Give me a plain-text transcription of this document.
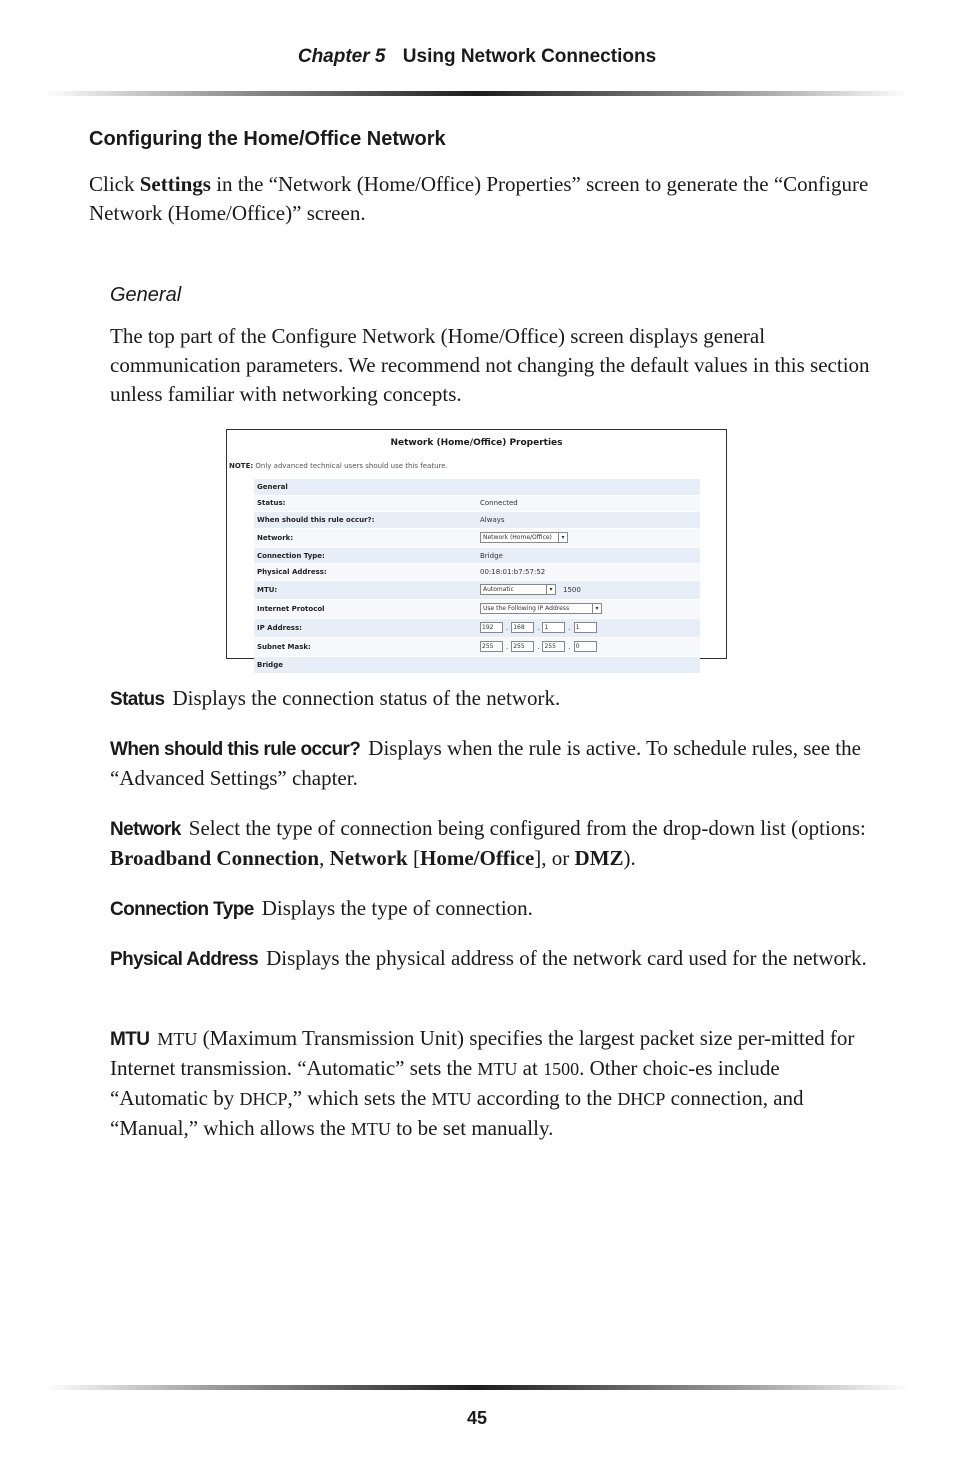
Chapter 5 Using Network Connections
Configuring the Home/Office Network

Click Settings in the “Network (Home/Office) Properties” screen to generate the “Configure Network (Home/Office)” screen.

General

The top part of the Configure Network (Home/Office) screen displays general communication parameters. We recommend not changing the default values in this section unless familiar with networking concepts.

Network (Home/Office) Properties
NOTE: Only advanced technical users should use this feature.
General
Status:	Connected
When should this rule occur?:	Always
Network:	Network (Home/Office)	▾
Connection Type:	Bridge
Physical Address:	00:18:01:b7:57:52
MTU:	Automatic	▾	1500
Internet Protocol	Use the Following IP Address	▾
IP Address:	192	. 168	. 1	. 1
Subnet Mask:	255	. 255	. 255	. 0
Bridge

Status Displays the connection status of the network.

When should this rule occur? Displays when the rule is active. To schedule rules, see the “Advanced Settings” chapter.

Network Select the type of connection being configured from the drop-down list (options: Broadband Connection, Network [Home/Office], or DMZ).

Connection Type Displays the type of connection.

Physical Address Displays the physical address of the network card used for the network.

MTU MTU (Maximum Transmission Unit) specifies the largest packet size per-mitted for Internet transmission. “Automatic” sets the MTU at 1500. Other choic-es include “Automatic by DHCP,” which sets the MTU according to the DHCP connection, and “Manual,” which allows the MTU to be set manually.

45
